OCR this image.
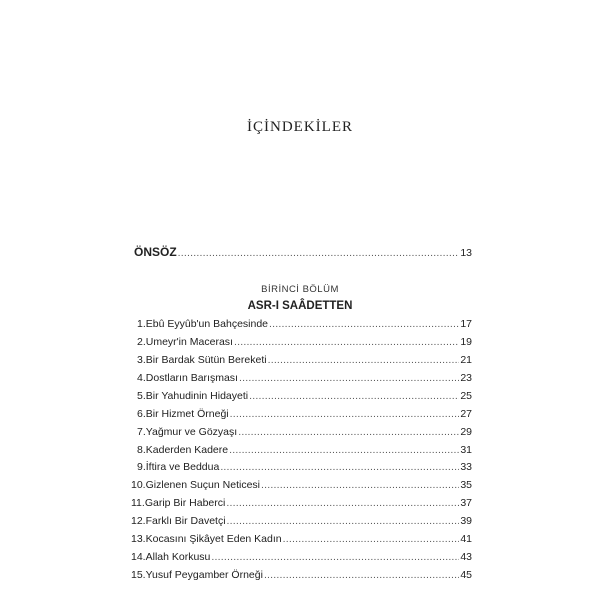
İÇİNDEKİLER
ÖNSÖZ .....	13
BİRİNCİ BÖLÜM
ASR-I SAÂDETTEN
1.Ebû Eyyûb'un Bahçesinde .....	17
2.Umeyr'in Macerası .....	19
3.Bir Bardak Sütün Bereketi .....	21
4.Dostların Barışması .....	23
5.Bir Yahudinin Hidayeti .....	25
6.Bir Hizmet Örneği .....	27
7.Yağmur ve Gözyaşı .....	29
8.Kaderden Kadere .....	31
9.İftira ve Beddua .....	33
10.Gizlenen Suçun Neticesi .....	35
11.Garip Bir Haberci .....	37
12.Farklı Bir Davetçi .....	39
13.Kocasını Şikâyet Eden Kadın .....	41
14.Allah Korkusu .....	43
15.Yusuf Peygamber Örneği .....	45
